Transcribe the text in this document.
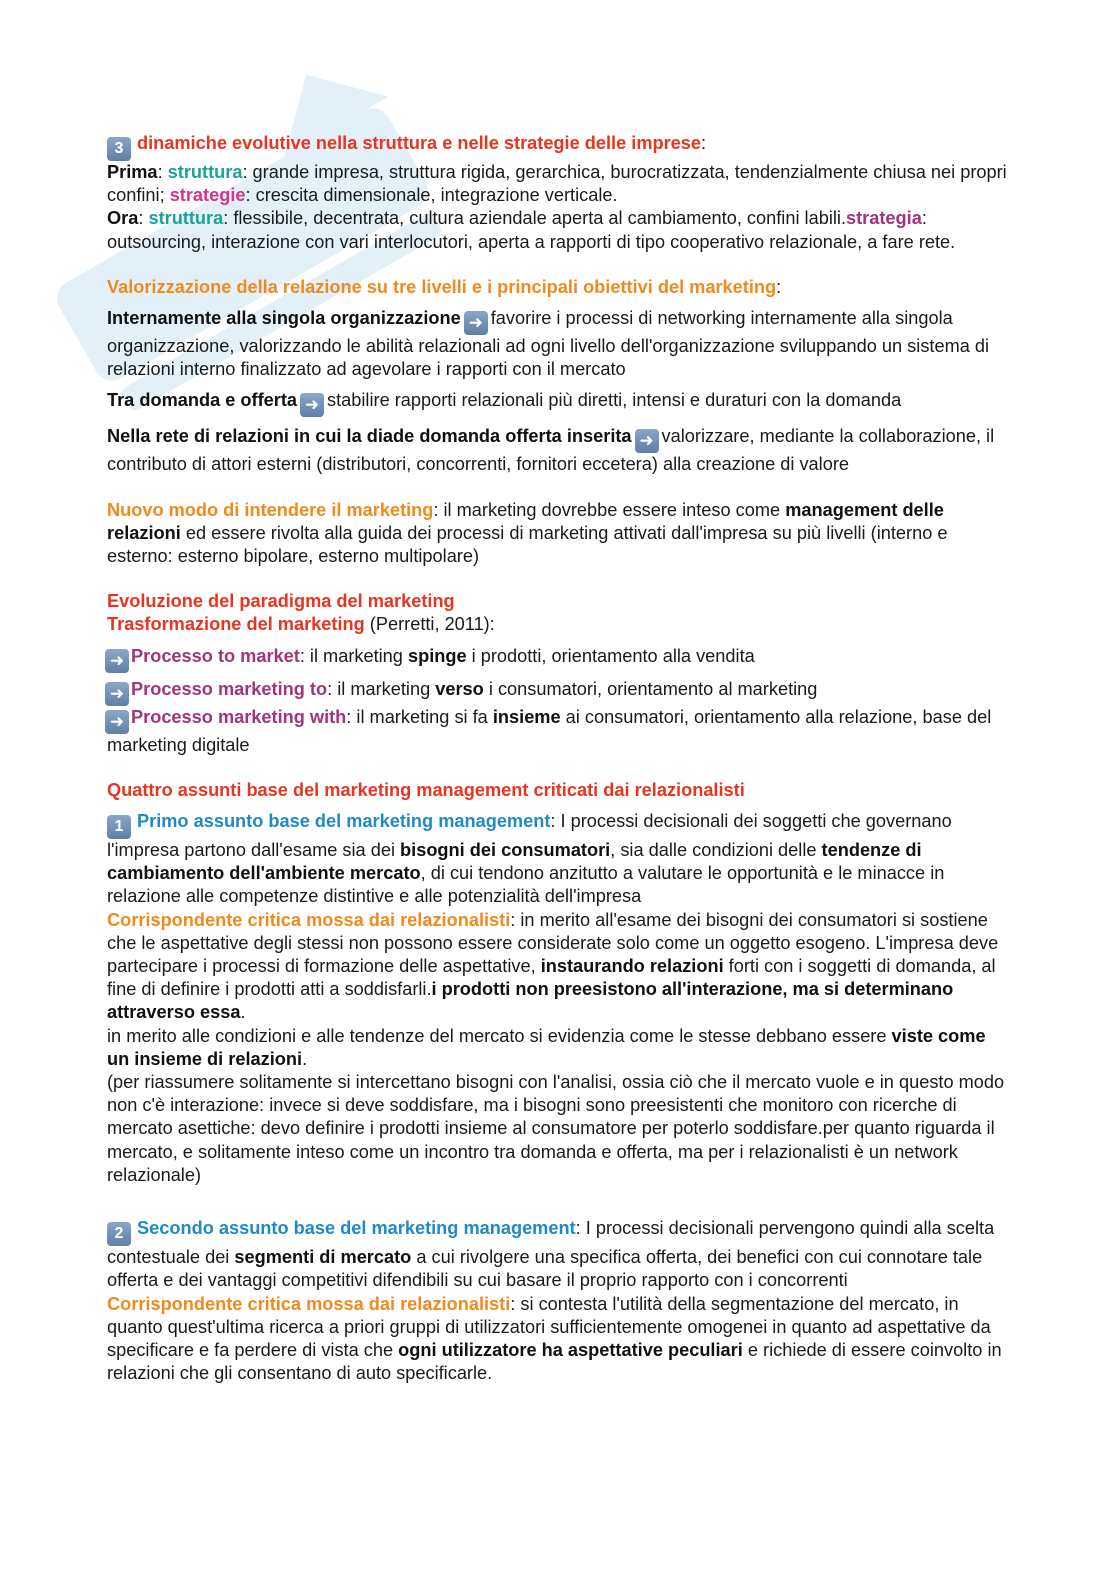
3 dinamiche evolutive nella struttura e nelle strategie delle imprese:

Prima: struttura: grande impresa, struttura rigida, gerarchica, burocratizzata, tendenzialmente chiusa nei propri confini; strategie: crescita dimensionale, integrazione verticale.

Ora: struttura: flessibile, decentrata, cultura aziendale aperta al cambiamento, confini labili.strategia: outsourcing, interazione con vari interlocutori, aperta a rapporti di tipo cooperativo relazionale, a fare rete.

Valorizzazione della relazione su tre livelli e i principali obiettivi del marketing:

Internamente alla singola organizzazione ➜ favorire i processi di networking internamente alla singola organizzazione, valorizzando le abilità relazionali ad ogni livello dell'organizzazione sviluppando un sistema di relazioni interno finalizzato ad agevolare i rapporti con il mercato

Tra domanda e offerta ➜ stabilire rapporti relazionali più diretti, intensi e duraturi con la domanda

Nella rete di relazioni in cui la diade domanda offerta inserita ➜ valorizzare, mediante la collaborazione, il contributo di attori esterni (distributori, concorrenti, fornitori eccetera) alla creazione di valore

Nuovo modo di intendere il marketing: il marketing dovrebbe essere inteso come management delle relazioni ed essere rivolta alla guida dei processi di marketing attivati dall'impresa su più livelli (interno e esterno: esterno bipolare, esterno multipolare)

Evoluzione del paradigma del marketing

Trasformazione del marketing (Perretti, 2011):

➜ Processo to market: il marketing spinge i prodotti, orientamento alla vendita

➜ Processo marketing to: il marketing verso i consumatori, orientamento al marketing

➜ Processo marketing with: il marketing si fa insieme ai consumatori, orientamento alla relazione, base del marketing digitale

Quattro assunti base del marketing management criticati dai relazionalisti

1 Primo assunto base del marketing management: I processi decisionali dei soggetti che governano l'impresa partono dall'esame sia dei bisogni dei consumatori, sia dalle condizioni delle tendenze di cambiamento dell'ambiente mercato, di cui tendono anzitutto a valutare le opportunità e le minacce in relazione alle competenze distintive e alle potenzialità dell'impresa

Corrispondente critica mossa dai relazionalisti: in merito all'esame dei bisogni dei consumatori si sostiene che le aspettative degli stessi non possono essere considerate solo come un oggetto esogeno. L'impresa deve partecipare i processi di formazione delle aspettative, instaurando relazioni forti con i soggetti di domanda, al fine di definire i prodotti atti a soddisfarli.i prodotti non preesistono all'interazione, ma si determinano attraverso essa.

in merito alle condizioni e alle tendenze del mercato si evidenzia come le stesse debbano essere viste come un insieme di relazioni.

(per riassumere solitamente si intercettano bisogni con l'analisi, ossia ciò che il mercato vuole e in questo modo non c'è interazione: invece si deve soddisfare, ma i bisogni sono preesistenti che monitoro con ricerche di mercato asettiche: devo definire i prodotti insieme al consumatore per poterlo soddisfare.per quanto riguarda il mercato, e solitamente inteso come un incontro tra domanda e offerta, ma per i relazionalisti è un network relazionale)

2 Secondo assunto base del marketing management: I processi decisionali pervengono quindi alla scelta contestuale dei segmenti di mercato a cui rivolgere una specifica offerta, dei benefici con cui connotare tale offerta e dei vantaggi competitivi difendibili su cui basare il proprio rapporto con i concorrenti

Corrispondente critica mossa dai relazionalisti: si contesta l'utilità della segmentazione del mercato, in quanto quest'ultima ricerca a priori gruppi di utilizzatori sufficientemente omogenei in quanto ad aspettative da specificare e fa perdere di vista che ogni utilizzatore ha aspettative peculiari e richiede di essere coinvolto in relazioni che gli consentano di auto specificarle.
